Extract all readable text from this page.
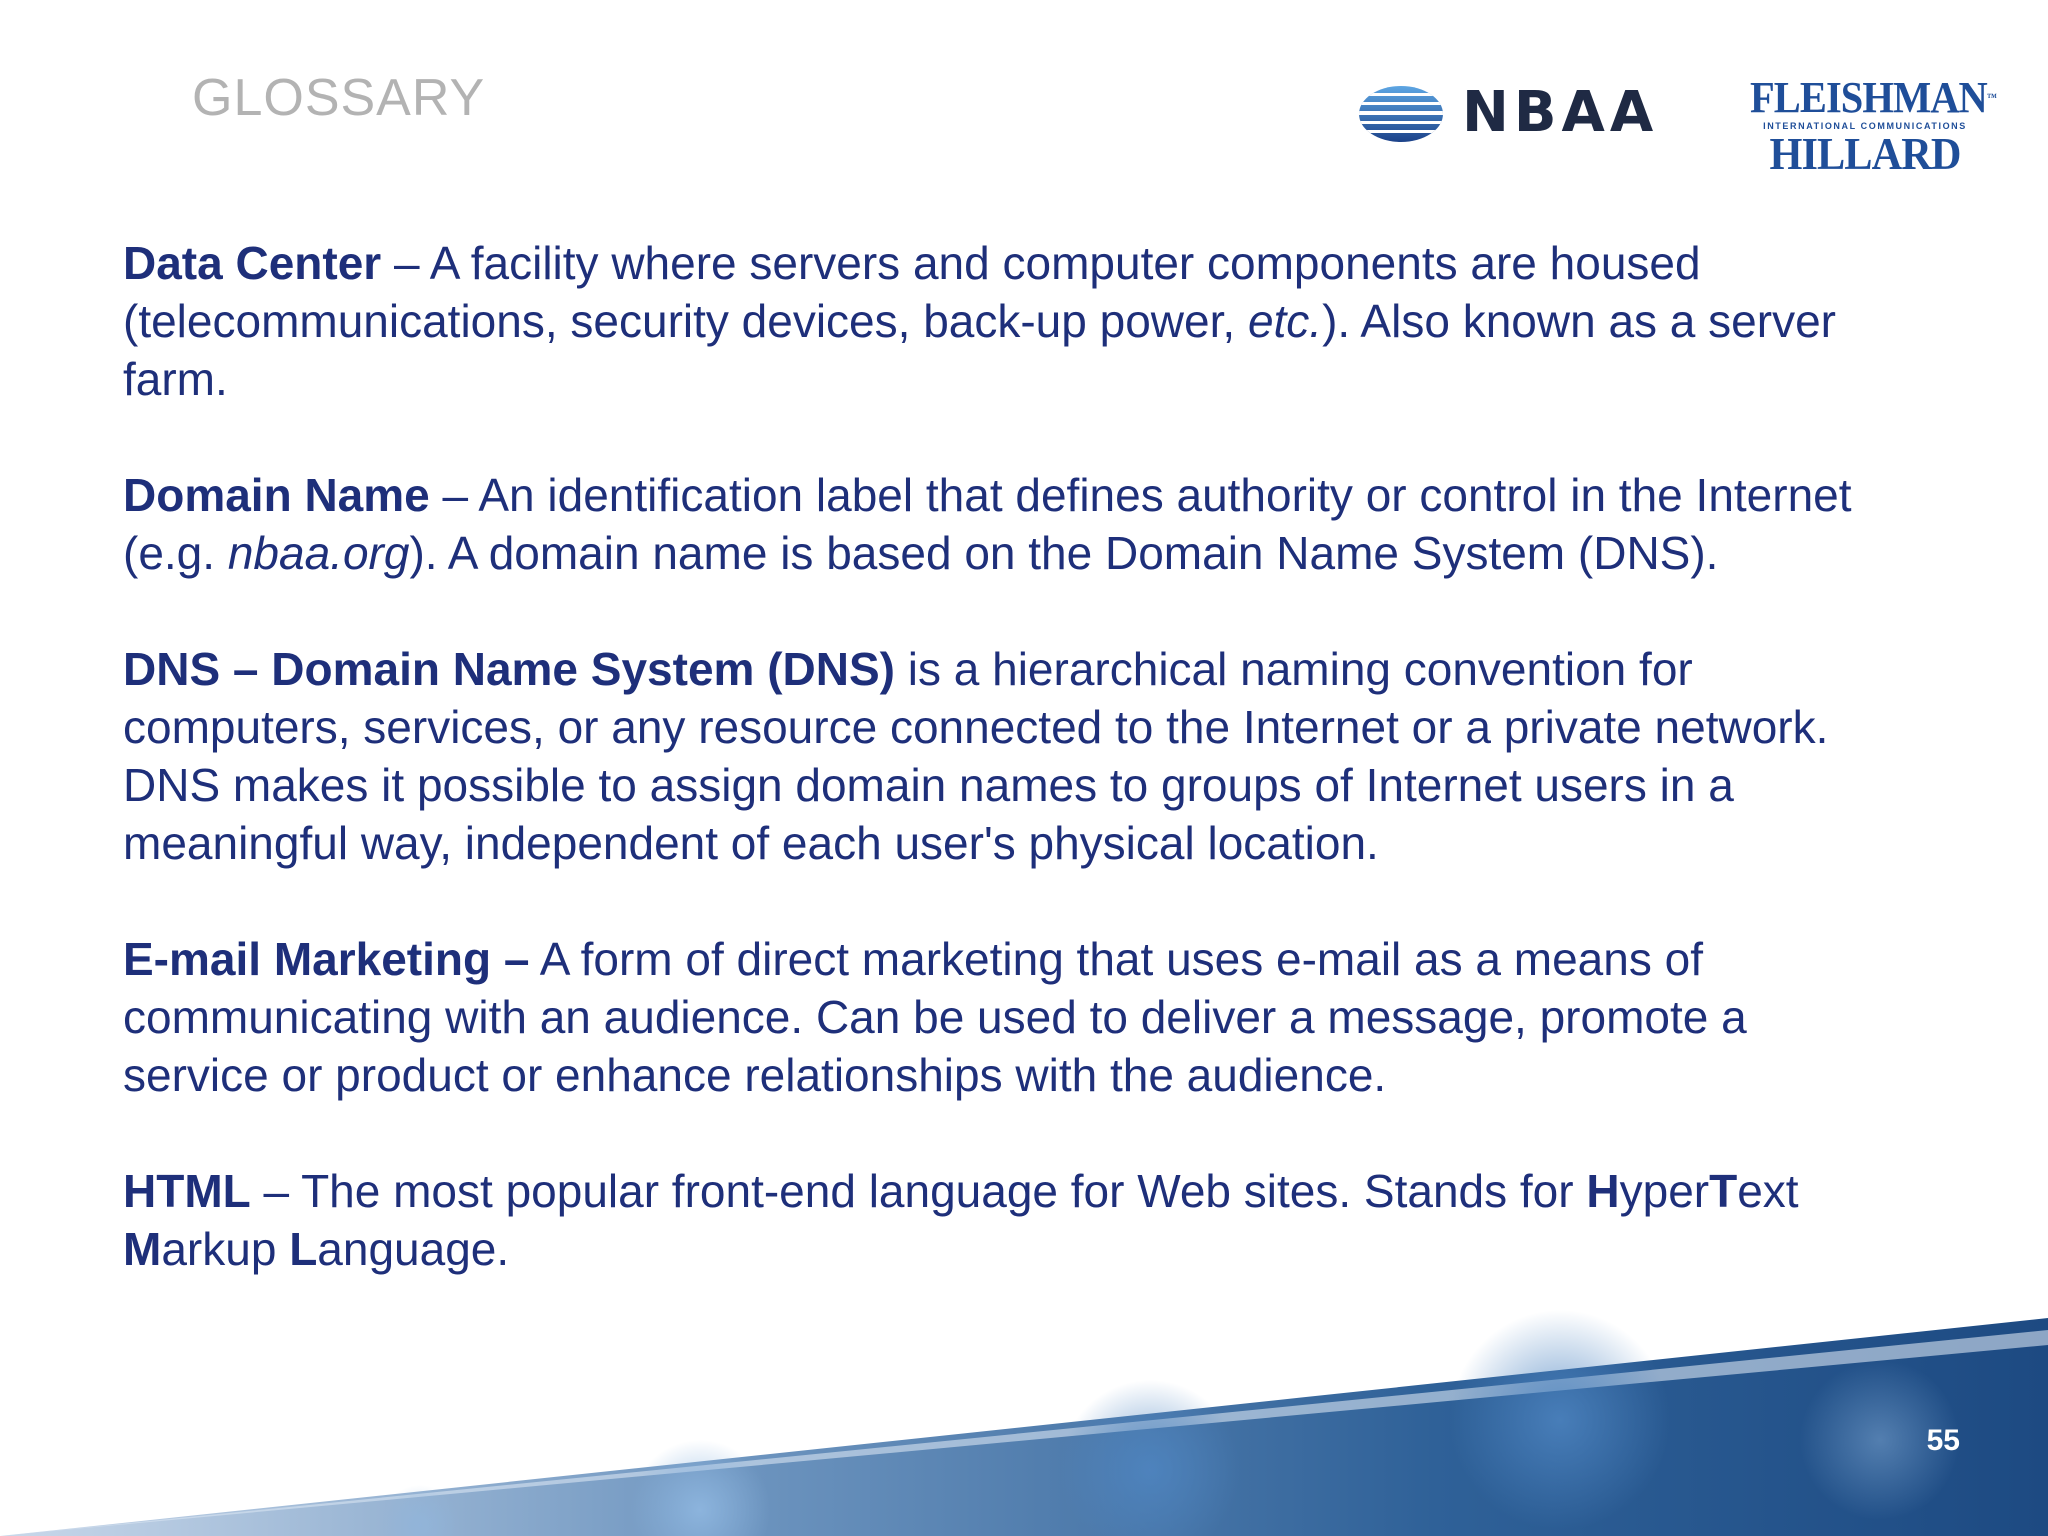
GLOSSARY	NBAA FLEISHMAN™
INTERNATIONAL COMMUNICATIONS
HILLARD

Data Center – A facility where servers and computer components are housed (telecommunications, security devices, back-up power, etc.). Also known as a server farm.

Domain Name – An identification label that defines authority or control in the Internet (e.g. nbaa.org). A domain name is based on the Domain Name System (DNS).

DNS – Domain Name System (DNS) is a hierarchical naming convention for computers, services, or any resource connected to the Internet or a private network. DNS makes it possible to assign domain names to groups of Internet users in a meaningful way, independent of each user's physical location.

E-mail Marketing – A form of direct marketing that uses e-mail as a means of communicating with an audience. Can be used to deliver a message, promote a service or product or enhance relationships with the audience.

HTML – The most popular front-end language for Web sites. Stands for HyperText Markup Language.

55
